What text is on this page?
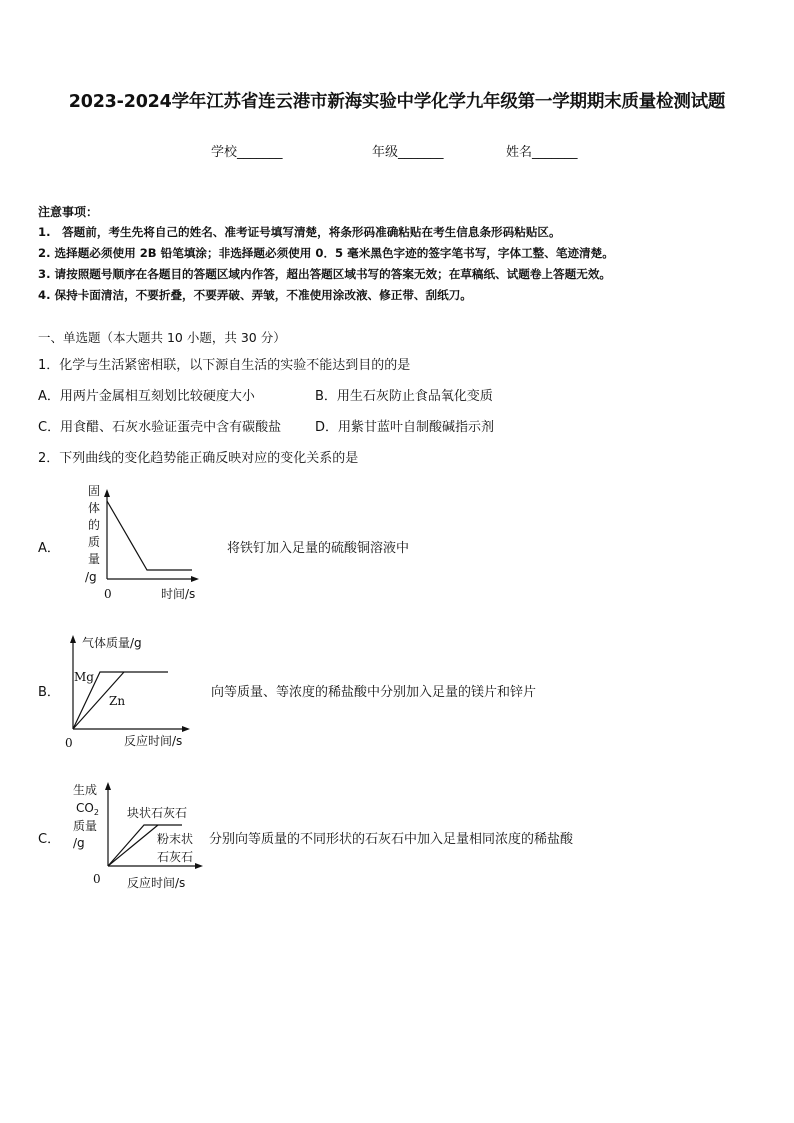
2023-2024学年江苏省连云港市新海实验中学化学九年级第一学期期末质量检测试题
学校_______	年级_______	姓名_______
注意事项：
1.　答题前，考生先将自己的姓名、准考证号填写清楚，将条形码准确粘贴在考生信息条形码粘贴区。
2. 选择题必须使用 2B 铅笔填涂；非选择题必须使用 0．5 毫米黑色字迹的签字笔书写，字体工整、笔迹清楚。
3. 请按照题号顺序在各题目的答题区域内作答，超出答题区域书写的答案无效；在草稿纸、试题卷上答题无效。
4. 保持卡面清洁，不要折叠，不要弄破、弄皱，不准使用涂改液、修正带、刮纸刀。
一、单选题（本大题共 10 小题，共 30 分）
1．化学与生活紧密相联，以下源自生活的实验不能达到目的的是
A．用两片金属相互刻划比较硬度大小	B．用生石灰防止食品氧化变质
C．用食醋、石灰水验证蛋壳中含有碳酸盐	D．用紫甘蓝叶自制酸碱指示剂
2．下列曲线的变化趋势能正确反映对应的变化关系的是
A．
固
体
的
质
量
/g
0	时间/s
将铁钉加入足量的硫酸铜溶液中
B．
气体质量/g
Mg
Zn
0	反应时间/s
向等质量、等浓度的稀盐酸中分别加入足量的镁片和锌片
C．
生成
$CO_2$
质量
/g
块状石灰石
粉末状
石灰石
0 反应时间/s
分别向等质量的不同形状的石灰石中加入足量相同浓度的稀盐酸
